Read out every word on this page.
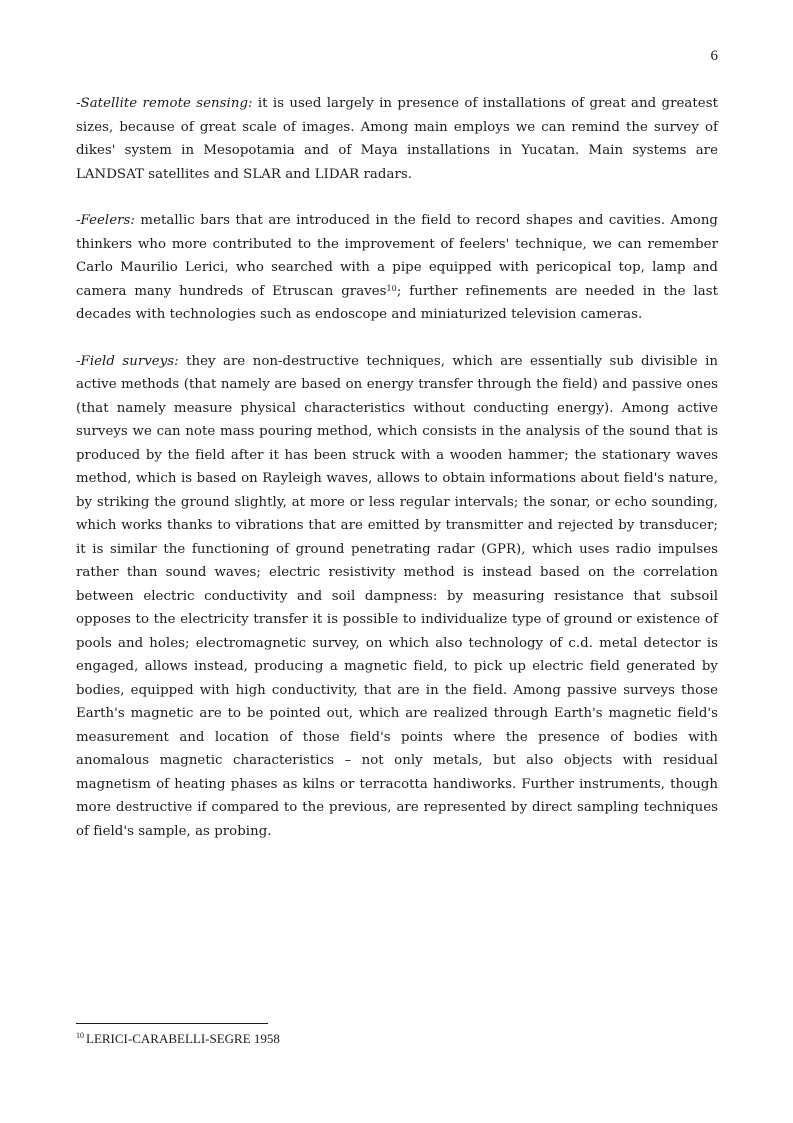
6

-Satellite remote sensing: it is used largely in presence of installations of great and greatest sizes, because of great scale of images. Among main employs we can remind the survey of dikes' system in Mesopotamia and of Maya installations in Yucatan. Main systems are LANDSAT satellites and SLAR and LIDAR radars.

-Feelers: metallic bars that are introduced in the field to record shapes and cavities. Among thinkers who more contributed to the improvement of feelers' technique, we can remember Carlo Maurilio Lerici, who searched with a pipe equipped with pericopical top, lamp and camera many hundreds of Etruscan graves$^{10}$; further refinements are needed in the last decades with technologies such as endoscope and miniaturized television cameras.

-Field surveys: they are non-destructive techniques, which are essentially sub divisible in active methods (that namely are based on energy transfer through the field) and passive ones (that namely measure physical characteristics without conducting energy). Among active surveys we can note mass pouring method, which consists in the analysis of the sound that is produced by the field after it has been struck with a wooden hammer; the stationary waves method, which is based on Rayleigh waves, allows to obtain informations about field's nature, by striking the ground slightly, at more or less regular intervals; the sonar, or echo sounding, which works thanks to vibrations that are emitted by transmitter and rejected by transducer; it is similar the functioning of ground penetrating radar (GPR), which uses radio impulses rather than sound waves; electric resistivity method is instead based on the correlation between electric conductivity and soil dampness: by measuring resistance that subsoil opposes to the electricity transfer it is possible to individualize type of ground or existence of pools and holes; electromagnetic survey, on which also technology of c.d. metal detector is engaged, allows instead, producing a magnetic field, to pick up electric field generated by bodies, equipped with high conductivity, that are in the field. Among passive surveys those Earth's magnetic are to be pointed out, which are realized through Earth's magnetic field's measurement and location of those field's points where the presence of bodies with anomalous magnetic characteristics – not only metals, but also objects with residual magnetism of heating phases as kilns or terracotta handiworks. Further instruments, though more destructive if compared to the previous, are represented by direct sampling techniques of field's sample, as probing.

$^{10}$ LERICI-CARABELLI-SEGRE 1958
